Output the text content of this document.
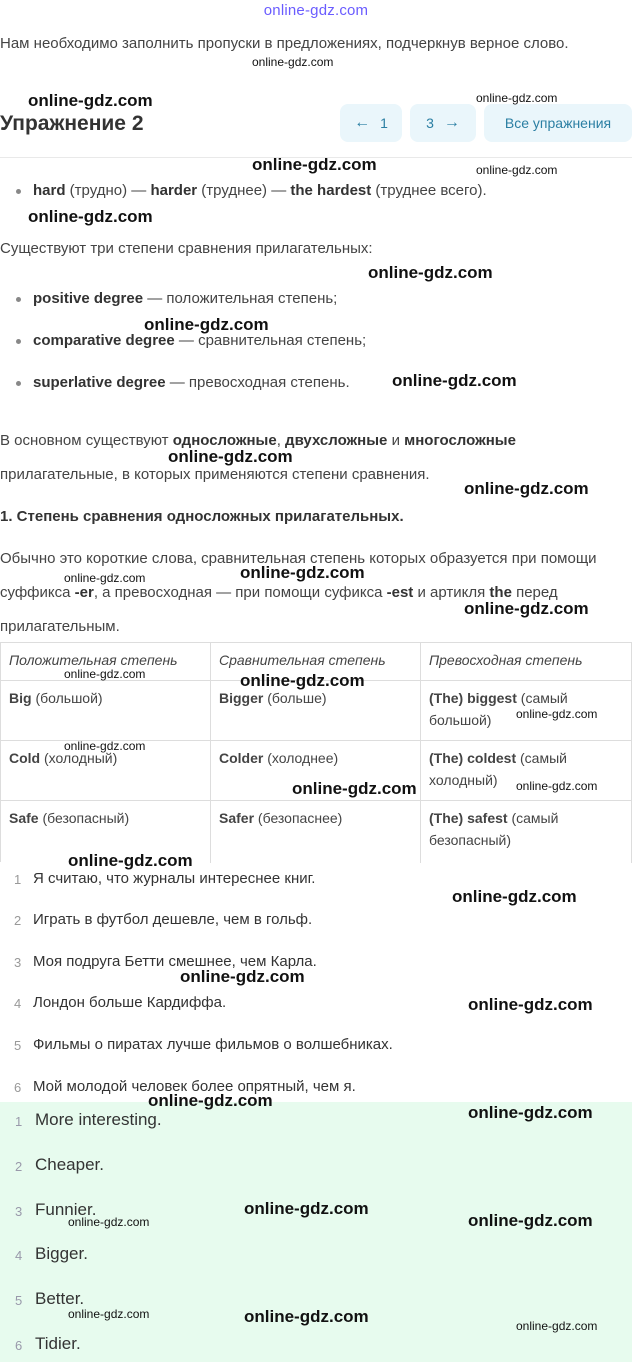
online-gdz.com
Нам необходимо заполнить пропуски в предложениях, подчеркнув верное слово.
Упражнение 2	← 1	3 →	Все упражнения
hard (трудно) — harder (труднее) — the hardest (труднее всего).
Существуют три степени сравнения прилагательных:
positive degree — положительная степень;
comparative degree — сравнительная степень;
superlative degree — превосходная степень.
В основном существуют односложные, двухсложные и многосложные прилагательные, в которых применяются степени сравнения.
1. Степень сравнения односложных прилагательных.
Обычно это короткие слова, сравнительная степень которых образуется при помощи суффикса -er, а превосходная — при помощи суфикса -est и артикля the перед прилагательным.
Положительная степень	Сравнительная степень	Превосходная степень
Big (большой)	Bigger (больше)	(The) biggest (самый большой)
Cold (холодный)	Colder (холоднее)	(The) coldest (самый холодный)
Safe (безопасный)	Safer (безопаснее)	(The) safest (самый безопасный)
1 Я считаю, что журналы интереснее книг.
2 Играть в футбол дешевле, чем в гольф.
3 Моя подруга Бетти смешнее, чем Карла.
4 Лондон больше Кардиффа.
5 Фильмы о пиратах лучше фильмов о волшебниках.
6 Мой молодой человек более опрятный, чем я.
1 More interesting.
2 Cheaper.
3 Funnier.
4 Bigger.
5 Better.
6 Tidier.
online-gdz.com
online-gdz.com	online-gdz.com
online-gdz.com	online-gdz.com
online-gdz.com
online-gdz.com
online-gdz.com
online-gdz.com
online-gdz.com
online-gdz.com
online-gdz.com	online-gdz.com
online-gdz.com
online-gdz.com	online-gdz.com
online-gdz.com
online-gdz.com
online-gdz.com	online-gdz.com
online-gdz.com
online-gdz.com
online-gdz.com
online-gdz.com
online-gdz.com
online-gdz.com
online-gdz.com
online-gdz.com	online-gdz.com
online-gdz.com
online-gdz.com
online-gdz.com
